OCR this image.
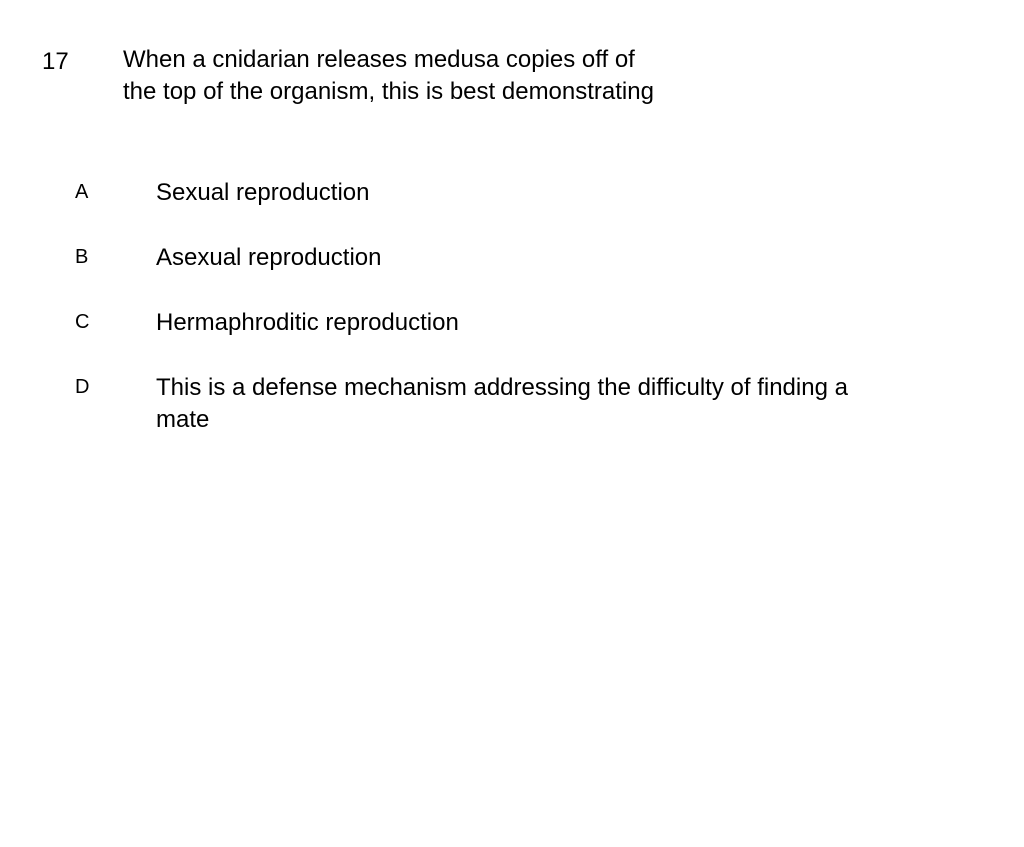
17 When a cnidarian releases medusa copies off of
the top of the organism, this is best demonstrating
A	Sexual reproduction
B	Asexual reproduction
C	Hermaphroditic reproduction
D	This is a defense mechanism addressing the difficulty of finding a
mate
